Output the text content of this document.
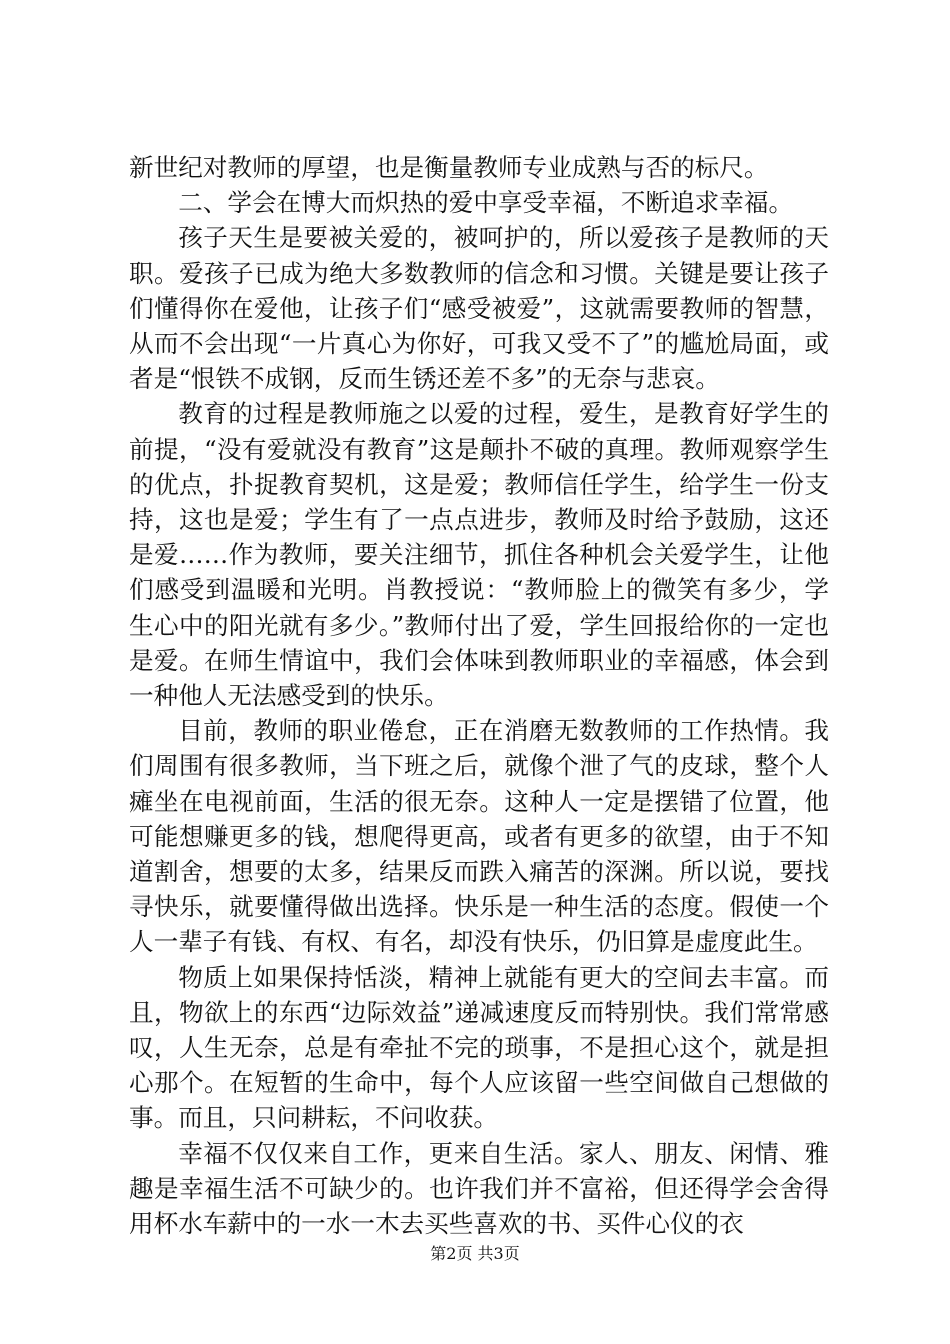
新世纪对教师的厚望，也是衡量教师专业成熟与否的标尺。

二、学会在博大而炽热的爱中享受幸福，不断追求幸福。

孩子天生是要被关爱的，被呵护的，所以爱孩子是教师的天职。爱孩子已成为绝大多数教师的信念和习惯。关键是要让孩子们懂得你在爱他，让孩子们“感受被爱”，这就需要教师的智慧，从而不会出现“一片真心为你好，可我又受不了”的尴尬局面，或者是“恨铁不成钢，反而生锈还差不多”的无奈与悲哀。

教育的过程是教师施之以爱的过程，爱生，是教育好学生的前提，“没有爱就没有教育”这是颠扑不破的真理。教师观察学生的优点，扑捉教育契机，这是爱；教师信任学生，给学生一份支持，这也是爱；学生有了一点点进步，教师及时给予鼓励，这还是爱……作为教师，要关注细节，抓住各种机会关爱学生，让他们感受到温暖和光明。肖教授说：“教师脸上的微笑有多少，学生心中的阳光就有多少。”教师付出了爱，学生回报给你的一定也是爱。在师生情谊中，我们会体味到教师职业的幸福感，体会到一种他人无法感受到的快乐。

目前，教师的职业倦怠，正在消磨无数教师的工作热情。我们周围有很多教师，当下班之后，就像个泄了气的皮球，整个人瘫坐在电视前面，生活的很无奈。这种人一定是摆错了位置，他可能想赚更多的钱，想爬得更高，或者有更多的欲望，由于不知道割舍，想要的太多，结果反而跌入痛苦的深渊。所以说，要找寻快乐，就要懂得做出选择。快乐是一种生活的态度。假使一个人一辈子有钱、有权、有名，却没有快乐，仍旧算是虚度此生。

物质上如果保持恬淡，精神上就能有更大的空间去丰富。而且，物欲上的东西“边际效益”递减速度反而特别快。我们常常感叹，人生无奈，总是有牵扯不完的琐事，不是担心这个，就是担心那个。在短暂的生命中，每个人应该留一些空间做自己想做的事。而且，只问耕耘，不问收获。

幸福不仅仅来自工作，更来自生活。家人、朋友、闲情、雅趣是幸福生活不可缺少的。也许我们并不富裕，但还得学会舍得用杯水车薪中的一水一木去买些喜欢的书、买件心仪的衣

第2页 共3页
